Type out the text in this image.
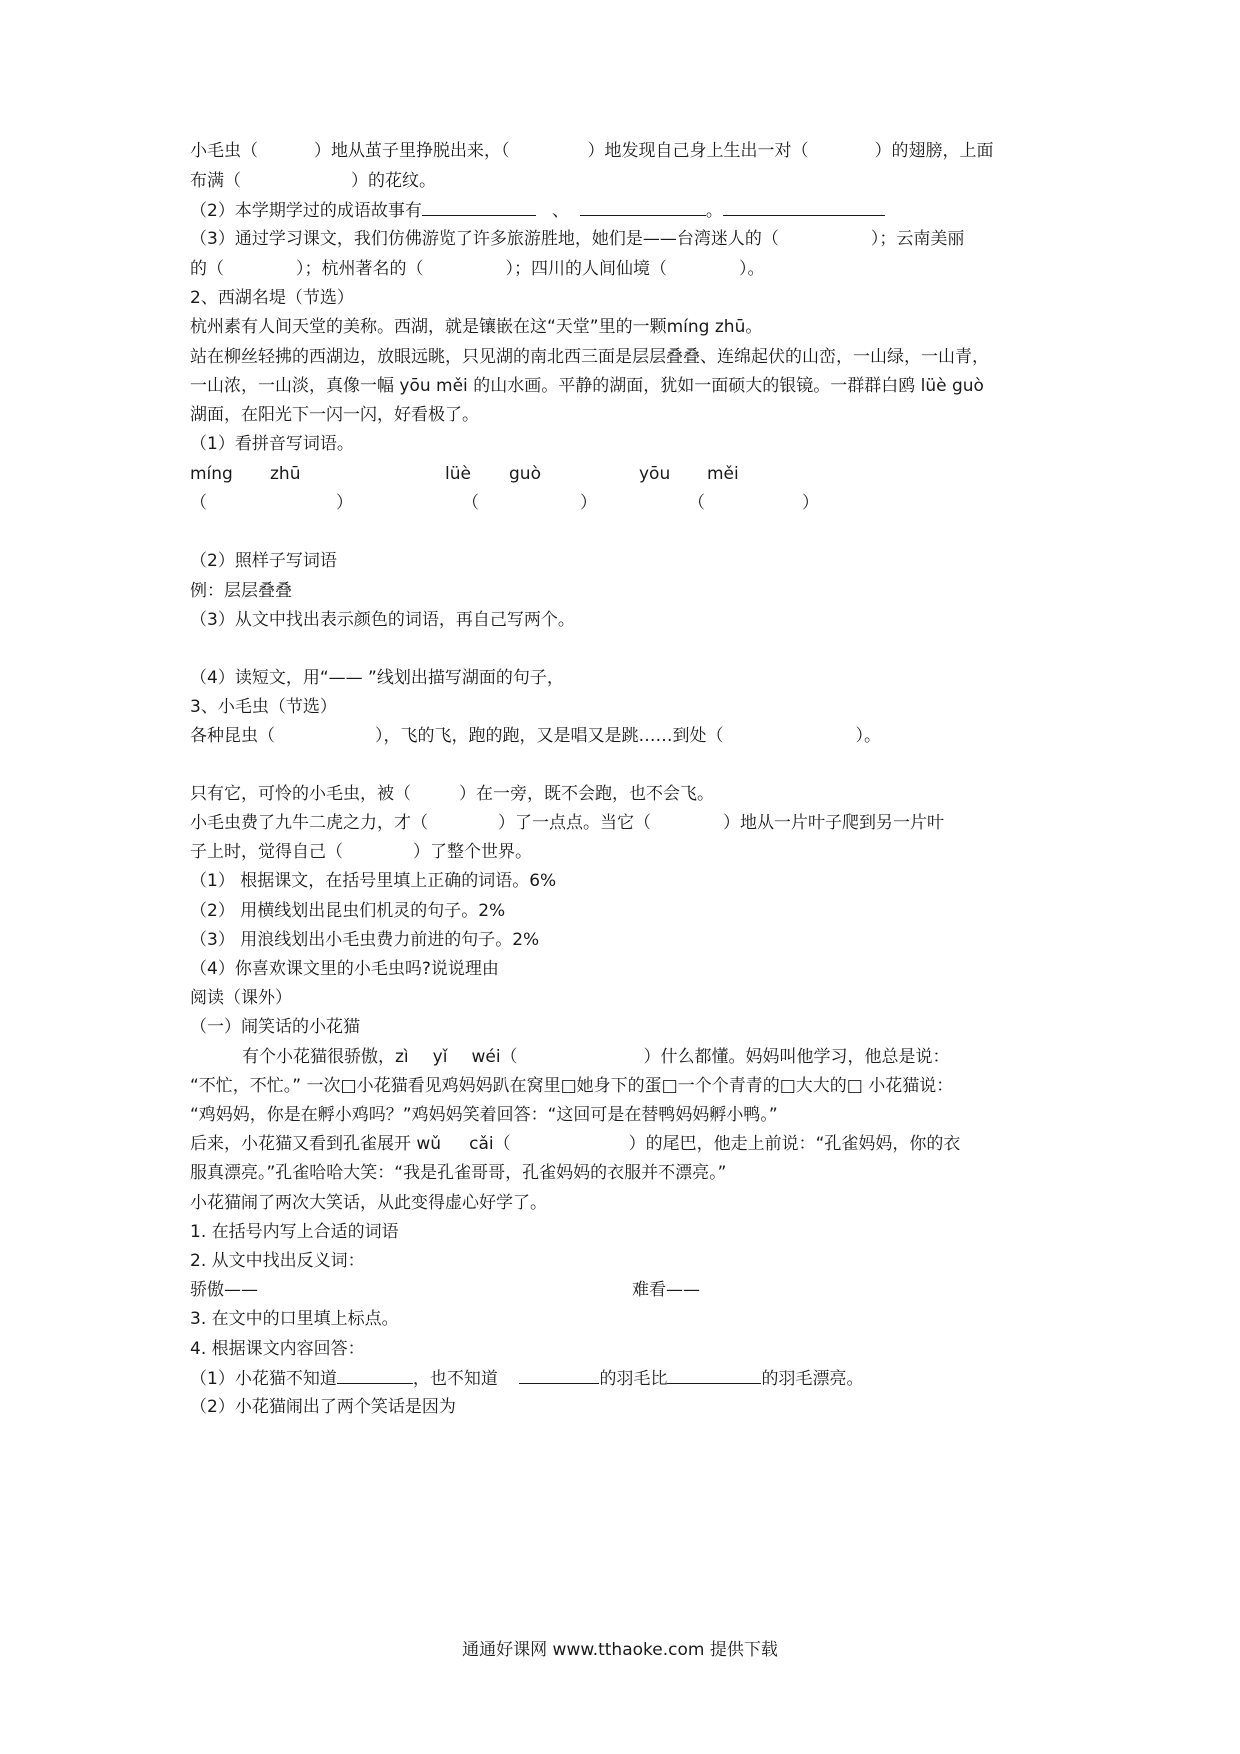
小毛虫（	）地从茧子里挣脱出来，（	）地发现自己身上生出一对（	）的翅膀，上面
布满（	）的花纹。
（2）本学期学过的成语故事有	、	。
（3）通过学习课文，我们仿佛游览了许多旅游胜地，她们是——台湾迷人的（	）；云南美丽
的（	）；杭州著名的（	）；四川的人间仙境（	）。
2、西湖名堤（节选）
杭州素有人间天堂的美称。西湖，就是镶嵌在这“天堂”里的一颗míng zhū。
站在柳丝轻拂的西湖边，放眼远眺，只见湖的南北西三面是层层叠叠、连绵起伏的山峦，一山绿，一山青，
一山浓，一山淡，真像一幅 yōu měi 的山水画。平静的湖面，犹如一面硕大的银镜。一群群白鸥 lüè guò
湖面，在阳光下一闪一闪，好看极了。
（1）看拼音写词语。
míng zhū	lüè guò	yōu měi
（	）	（	）	（	）
（2）照样子写词语
例：层层叠叠
（3）从文中找出表示颜色的词语，再自己写两个。
（4）读短文，用“—— ”线划出描写湖面的句子，
3、小毛虫（节选）
各种昆虫（	），飞的飞，跑的跑，又是唱又是跳……到处（	）。
只有它，可怜的小毛虫，被（	）在一旁，既不会跑，也不会飞。
小毛虫费了九牛二虎之力，才（	）了一点点。当它（	）地从一片叶子爬到另一片叶
子上时，觉得自己（	）了整个世界。
（1） 根据课文，在括号里填上正确的词语。6%
（2） 用横线划出昆虫们机灵的句子。2%
（3） 用浪线划出小毛虫费力前进的句子。2%
（4）你喜欢课文里的小毛虫吗?说说理由
阅读（课外）
（一）闹笑话的小花猫
有个小花猫很骄傲，zì yǐ wéi（	）什么都懂。妈妈叫他学习，他总是说：
“不忙，不忙。” 一次□小花猫看见鸡妈妈趴在窝里□她身下的蛋□一个个青青的□大大的□ 小花猫说：
“鸡妈妈，你是在孵小鸡吗？”鸡妈妈笑着回答：“这回可是在替鸭妈妈孵小鸭。”
后来，小花猫又看到孔雀展开 wǔ cǎi（	）的尾巴，他走上前说：“孔雀妈妈，你的衣
服真漂亮。”孔雀哈哈大笑：“我是孔雀哥哥，孔雀妈妈的衣服并不漂亮。”
小花猫闹了两次大笑话，从此变得虚心好学了。
1. 在括号内写上合适的词语
2. 从文中找出反义词：
骄傲——	难看——
3. 在文中的口里填上标点。
4. 根据课文内容回答：
（1）小花猫不知道	，也不知道	的羽毛比	的羽毛漂亮。
（2）小花猫闹出了两个笑话是因为
通通好课网 www.tthaoke.com 提供下载
